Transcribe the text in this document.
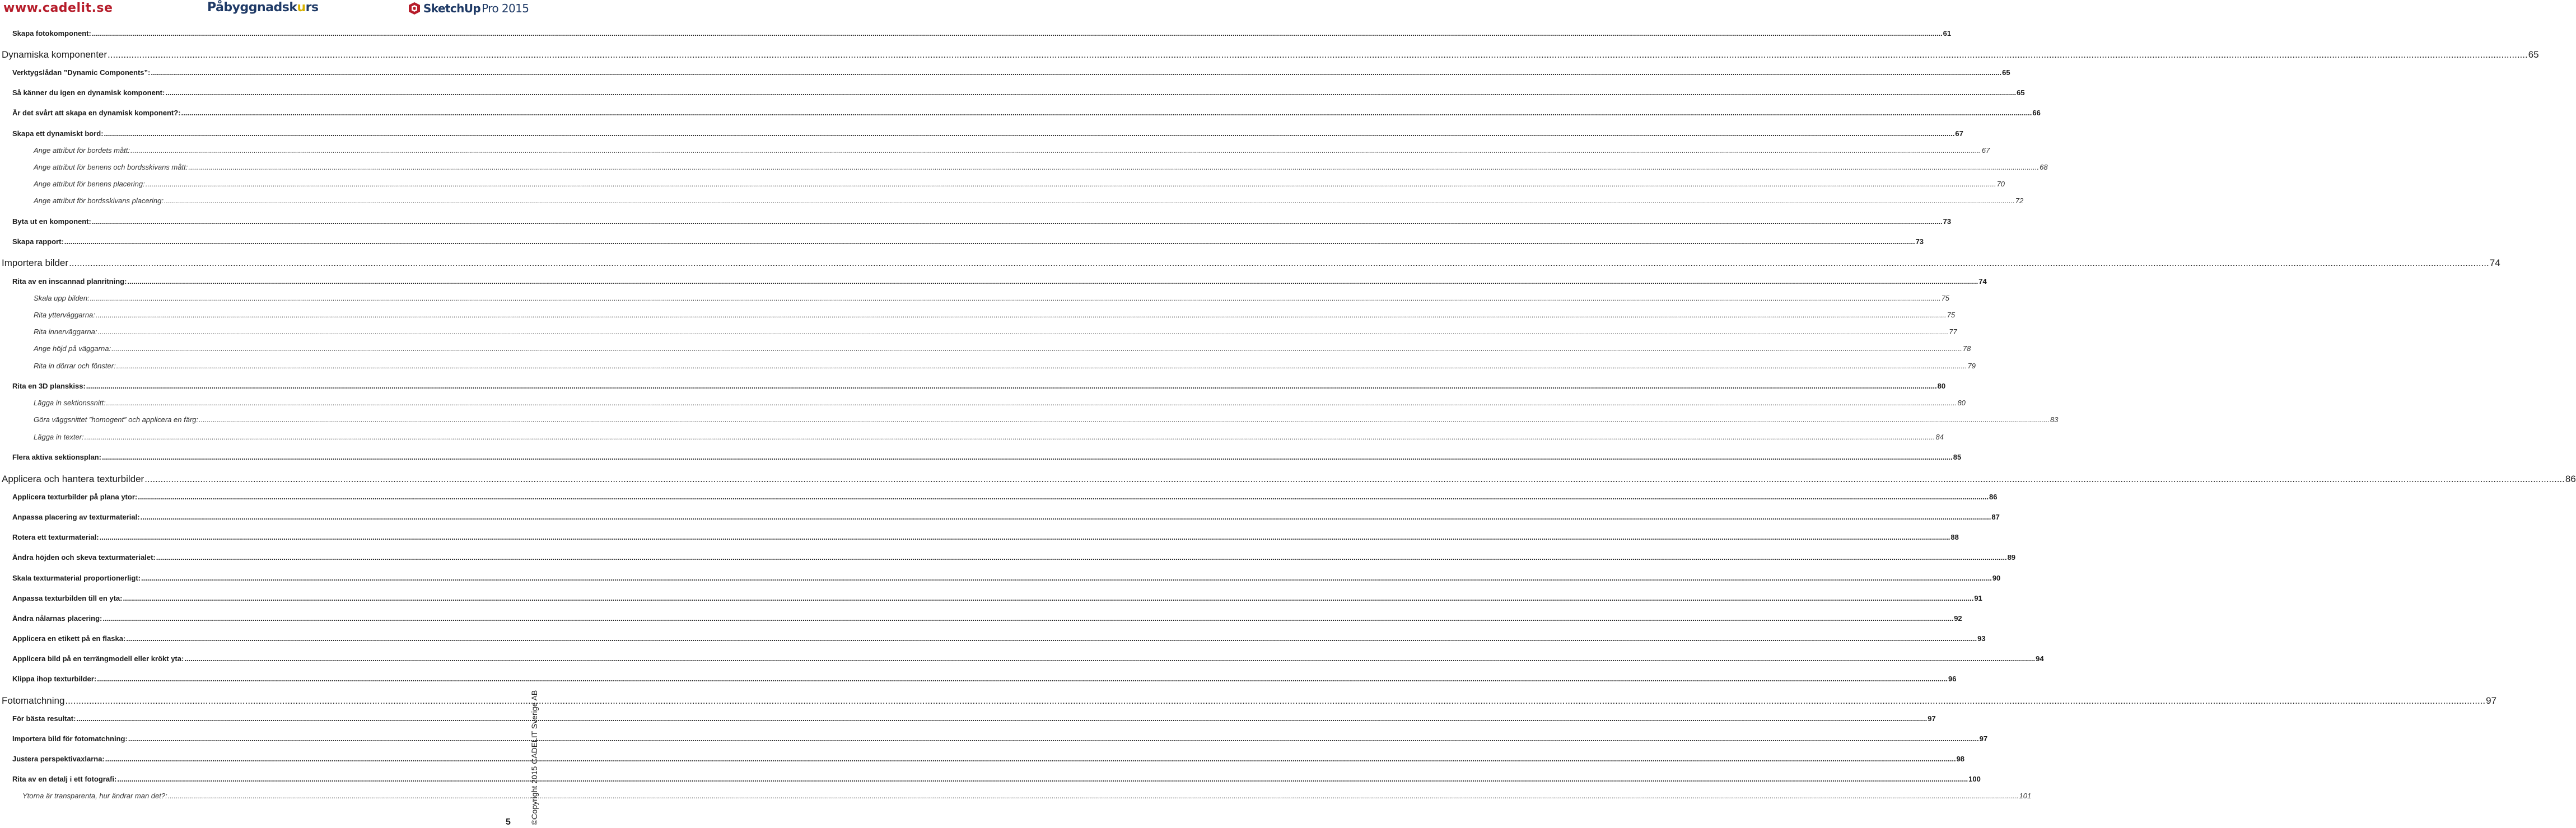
www.cadelit.se	Påbyggnadskurs	SketchUp Pro 2015
Skapa fotokomponent: .....	61
Dynamiska komponenter .....	65
Verktygslådan ”Dynamic Components”: .....	65
Så känner du igen en dynamisk komponent: .....	65
Är det svårt att skapa en dynamisk komponent?: .....	66
Skapa ett dynamiskt bord: .....	67
Ange attribut för bordets mått: .....	67
Ange attribut för benens och bordsskivans mått: .....	68
Ange attribut för benens placering: .....	70
Ange attribut för bordsskivans placering: .....	72
Byta ut en komponent: .....	73
Skapa rapport: .....	73
Importera bilder .....	74
Rita av en inscannad planritning: .....	74
Skala upp bilden: .....	75
Rita ytterväggarna: .....	75
Rita innerväggarna: .....	77
Ange höjd på väggarna: .....	78
Rita in dörrar och fönster: .....	79
Rita en 3D planskiss: .....	80
Lägga in sektionssnitt: .....	80
Göra väggsnittet ”homogent” och applicera en färg: .....	83
Lägga in texter: .....	84
Flera aktiva sektionsplan: .....	85
Applicera och hantera texturbilder .....	86
Applicera texturbilder på plana ytor: .....	86
Anpassa placering av texturmaterial: .....	87
Rotera ett texturmaterial: .....	88
Ändra höjden och skeva texturmaterialet: .....	89
Skala texturmaterial proportionerligt: .....	90
Anpassa texturbilden till en yta: .....	91
Ändra nålarnas placering: .....	92
Applicera en etikett på en flaska: .....	93
Applicera bild på en terrängmodell eller krökt yta: .....	94
Klippa ihop texturbilder: .....	96
Fotomatchning .....	97
För bästa resultat: .....	97
Importera bild för fotomatchning: .....	97
Justera perspektivaxlarna: .....	98
Rita av en detalj i ett fotografi: .....	100
Ytorna är transparenta, hur ändrar man det?: .....	101
©Copyright 2015 CADELIT Sverige AB
5
